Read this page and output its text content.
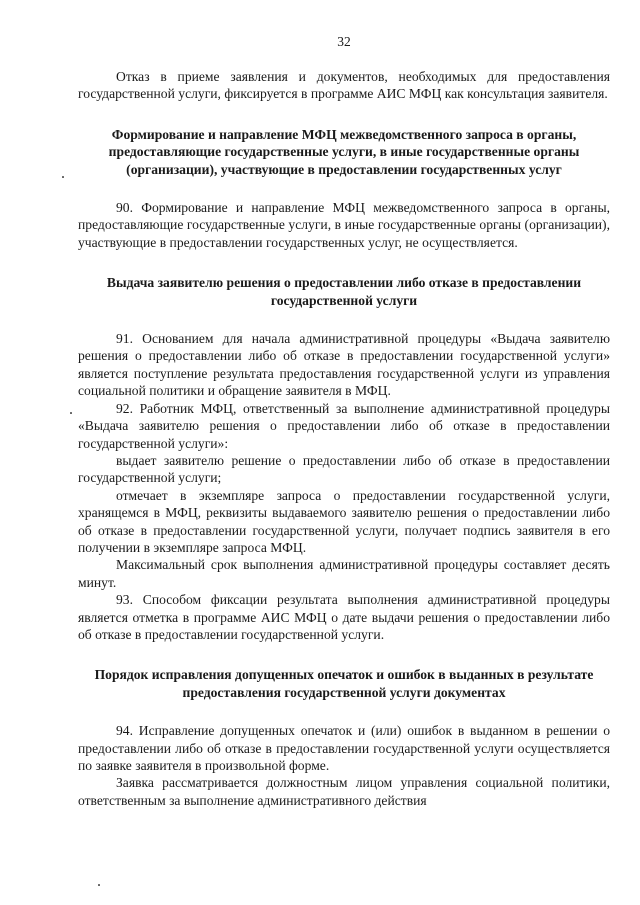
32

Отказ в приеме заявления и документов, необходимых для предоставления государственной услуги, фиксируется в программе АИС МФЦ как консультация заявителя.

Формирование и направление МФЦ межведомственного запроса в органы, предоставляющие государственные услуги, в иные государственные органы (организации), участвующие в предоставлении государственных услуг

90. Формирование и направление МФЦ межведомственного запроса в органы, предоставляющие государственные услуги, в иные государственные органы (организации), участвующие в предоставлении государственных услуг, не осуществляется.

Выдача заявителю решения о предоставлении либо отказе в предоставлении государственной услуги

91. Основанием для начала административной процедуры «Выдача заявителю решения о предоставлении либо об отказе в предоставлении государственной услуги» является поступление результата предоставления государственной услуги из управления социальной политики и обращение заявителя в МФЦ.

92. Работник МФЦ, ответственный за выполнение административной процедуры «Выдача заявителю решения о предоставлении либо об отказе в предоставлении государственной услуги»:

выдает заявителю решение о предоставлении либо об отказе в предоставлении государственной услуги;

отмечает в экземпляре запроса о предоставлении государственной услуги, хранящемся в МФЦ, реквизиты выдаваемого заявителю решения о предоставлении либо об отказе в предоставлении государственной услуги, получает подпись заявителя в его получении в экземпляре запроса МФЦ.

Максимальный срок выполнения административной процедуры составляет десять минут.

93. Способом фиксации результата выполнения административной процедуры является отметка в программе АИС МФЦ о дате выдачи решения о предоставлении либо об отказе в предоставлении государственной услуги.

Порядок исправления допущенных опечаток и ошибок в выданных в результате предоставления государственной услуги документах

94. Исправление допущенных опечаток и (или) ошибок в выданном в решении о предоставлении либо об отказе в предоставлении государственной услуги осуществляется по заявке заявителя в произвольной форме.

Заявка рассматривается должностным лицом управления социальной политики, ответственным за выполнение административного действия
